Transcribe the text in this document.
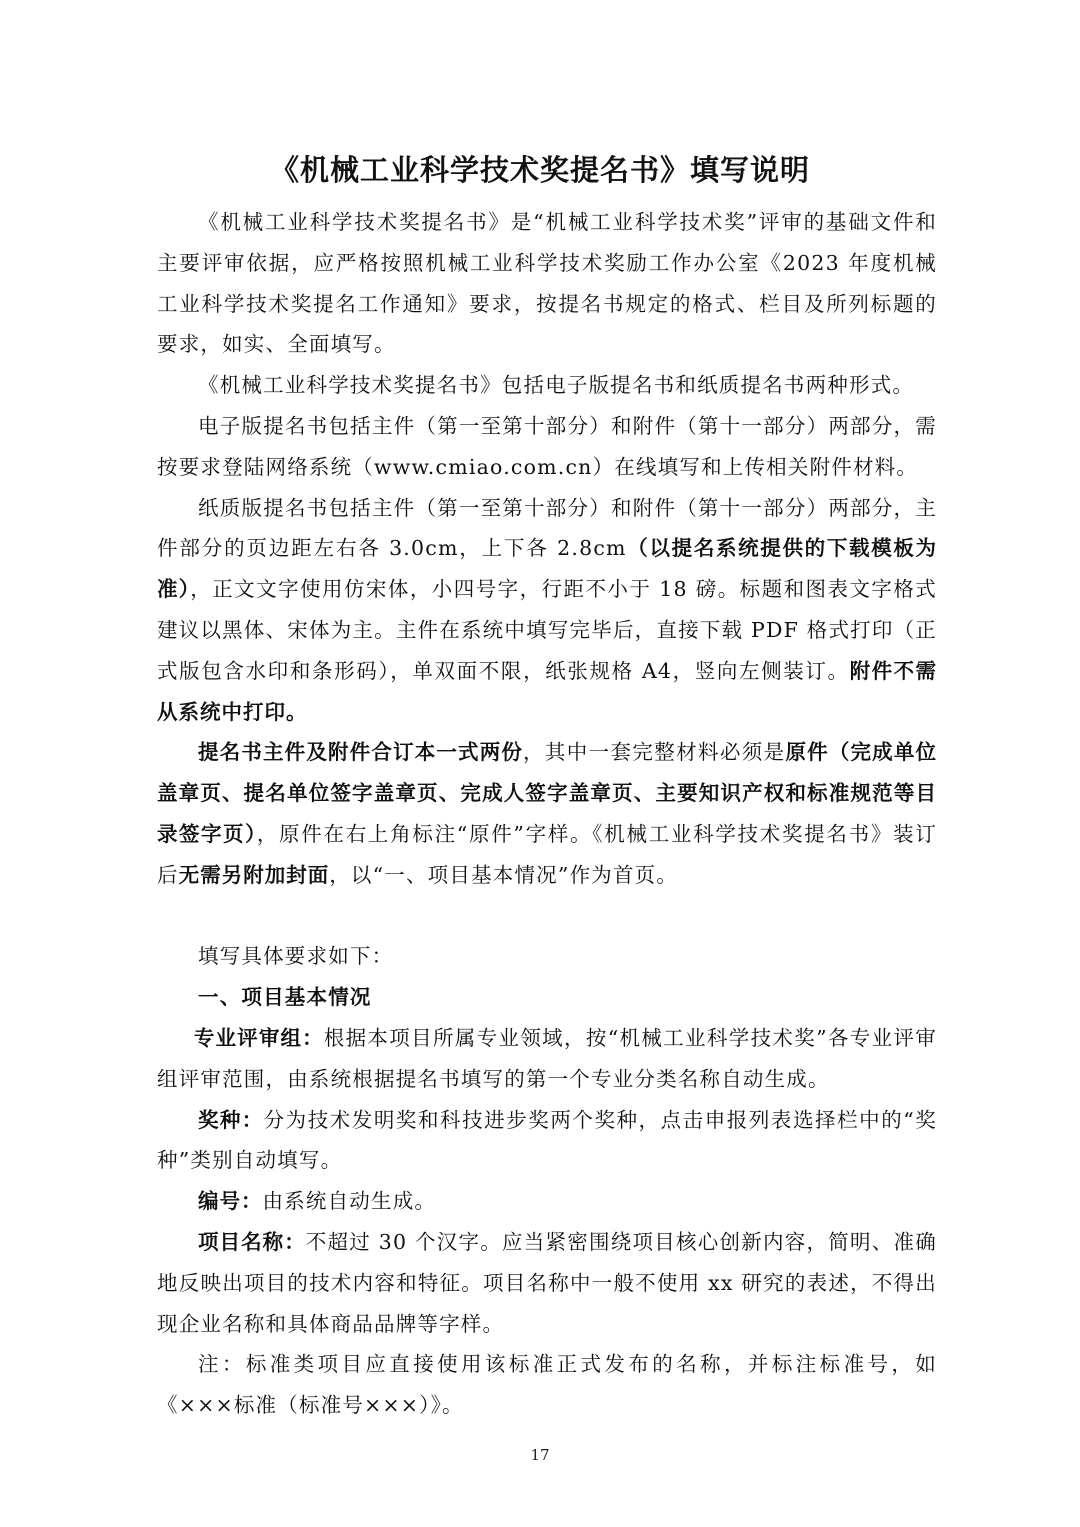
《机械工业科学技术奖提名书》填写说明

《机械工业科学技术奖提名书》是“机械工业科学技术奖”评审的基础文件和主要评审依据，应严格按照机械工业科学技术奖励工作办公室《2023 年度机械工业科学技术奖提名工作通知》要求，按提名书规定的格式、栏目及所列标题的要求，如实、全面填写。

《机械工业科学技术奖提名书》包括电子版提名书和纸质提名书两种形式。

电子版提名书包括主件（第一至第十部分）和附件（第十一部分）两部分，需按要求登陆网络系统（www.cmiao.com.cn）在线填写和上传相关附件材料。

纸质版提名书包括主件（第一至第十部分）和附件（第十一部分）两部分，主件部分的页边距左右各 3.0cm，上下各 2.8cm（以提名系统提供的下载模板为准），正文文字使用仿宋体，小四号字，行距不小于 18 磅。标题和图表文字格式建议以黑体、宋体为主。主件在系统中填写完毕后，直接下载 PDF 格式打印（正式版包含水印和条形码），单双面不限，纸张规格 A4，竖向左侧装订。附件不需从系统中打印。

提名书主件及附件合订本一式两份，其中一套完整材料必须是原件（完成单位盖章页、提名单位签字盖章页、完成人签字盖章页、主要知识产权和标准规范等目录签字页），原件在右上角标注“原件”字样。《机械工业科学技术奖提名书》装订后无需另附加封面，以“一、项目基本情况”作为首页。

填写具体要求如下：

一、项目基本情况

专业评审组：根据本项目所属专业领域，按“机械工业科学技术奖”各专业评审组评审范围，由系统根据提名书填写的第一个专业分类名称自动生成。

奖种：分为技术发明奖和科技进步奖两个奖种，点击申报列表选择栏中的“奖种”类别自动填写。

编号：由系统自动生成。

项目名称：不超过 30 个汉字。应当紧密围绕项目核心创新内容，简明、准确地反映出项目的技术内容和特征。项目名称中一般不使用 xx 研究的表述，不得出现企业名称和具体商品品牌等字样。

注：标准类项目应直接使用该标准正式发布的名称，并标注标准号，如《×××标准（标准号×××）》。

17
